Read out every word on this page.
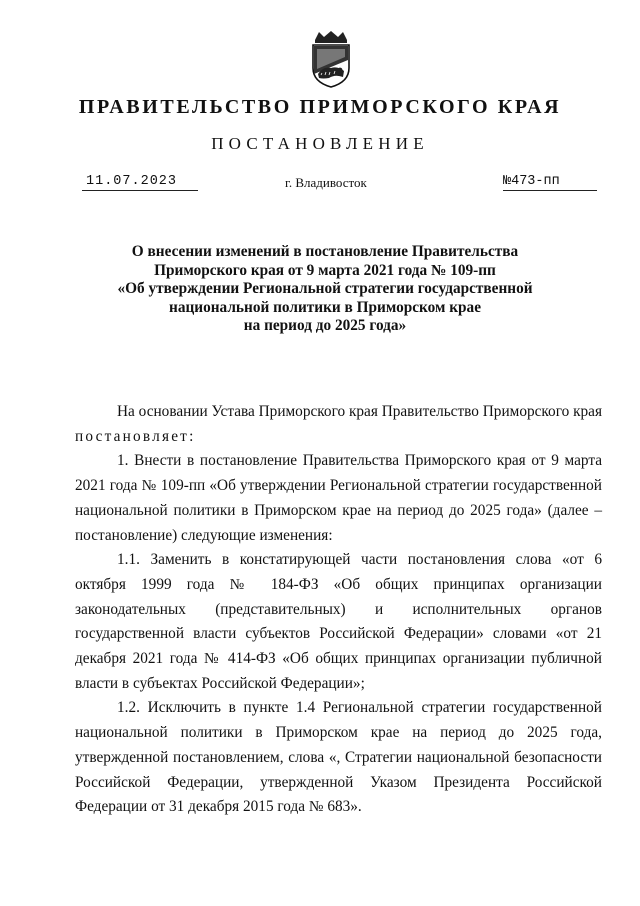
ПРАВИТЕЛЬСТВО ПРИМОРСКОГО КРАЯ
ПОСТАНОВЛЕНИЕ
11.07.2023	г. Владивосток	№473-пп
О внесении изменений в постановление Правительства
Приморского края от 9 марта 2021 года № 109-пп
«Об утверждении Региональной стратегии государственной
национальной политики в Приморском крае
на период до 2025 года»

На основании Устава Приморского края Правительство Приморского края постановляет:

1. Внести в постановление Правительства Приморского края от 9 марта 2021 года № 109-пп «Об утверждении Региональной стратегии государственной национальной политики в Приморском крае на период до 2025 года» (далее – постановление) следующие изменения:

1.1. Заменить в констатирующей части постановления слова «от 6 октября 1999 года № 184-ФЗ «Об общих принципах организации законодательных (представительных) и исполнительных органов государственной власти субъектов Российской Федерации» словами «от 21 декабря 2021 года № 414-ФЗ «Об общих принципах организации публичной власти в субъектах Российской Федерации»;

1.2. Исключить в пункте 1.4 Региональной стратегии государственной национальной политики в Приморском крае на период до 2025 года, утвержденной постановлением, слова «, Стратегии национальной безопасности Российской Федерации, утвержденной Указом Президента Российской Федерации от 31 декабря 2015 года № 683».
